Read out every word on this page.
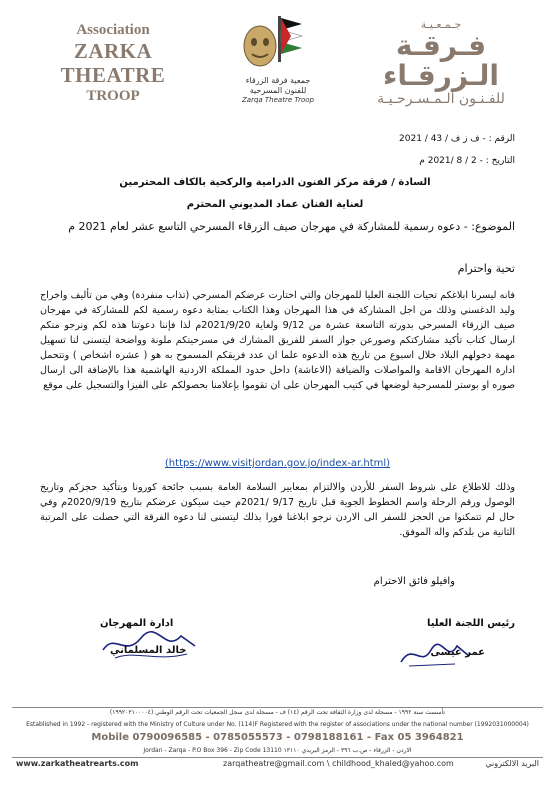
Association
ZARKA THEATRE
TROOP
جمعية فرقة الزرقاء
للفنون المسرحية
Zarqa Theatre Troop
جـمـعـيـة
فـرقـة الـزرقـاء
للفـنـون الـمـسـرحـيـة
الرقم : - ف ز ف / 43 / 2021
التاريخ : - 2 / 8 /2021 م
السادة / فرقة مركز الفنون الدرامية والركحية بالكاف المحترمين
لعناية الفنان عماد المديوني المحترم
الموضوع: - دعوه رسمية للمشاركة في مهرجان صيف الزرقاء المسرحي التاسع عشر لعام 2021 م
تحية واحترام
فانه ليسرنا ابلاغكم تحيات اللجنة العليا للمهرجان والتي اختارت عرضكم المسرحي (تذاب منفردة) وهي من تأليف واخراج وليد الدغسني وذلك من اجل المشاركة في هذا المهرجان وهذا الكتاب بمثابة دعوه رسمية لكم للمشاركة في مهرجان صيف الزرقاء المسرحي بدورته التاسعة عشرة من 9/12 ولغاية 2021/9/20م لذا فإننا دعوتنا هذه لكم ونرجو منكم ارسال كتاب تأكيد مشاركتكم وصورعن جواز السفر للفريق المشارك في مسرحيتكم ملونة وواضحة ليتسنى لنا تسهيل مهمة دخولهم البلاد خلال اسبوع من تاريخ هذه الدعوه علما ان عدد فريقكم المسموح به هو ( عشره اشخاص ) وتتحمل ادارة المهرجان الاقامة والمواصلات والضيافة (الاعاشة) داخل حدود المملكة الاردنية الهاشمية هذا بالإضافة الى ارسال صوره او بوستر للمسرحية لوضعها في كتيب المهرجان على ان تقوموا بإعلامنا بحصولكم على الفيزا والتسجيل على موقع
(https://www.visitjordan.gov.jo/index-ar.html)
وذلك للاطلاع على شروط السفر للأردن والالتزام بمعايير السلامة العامة بسبب جائحة كورونا وبتأكيد حجزكم وتاريخ الوصول ورقم الرحلة واسم الخطوط الجوية قبل تاريخ 9/17 /2021م حيث سيكون عرضكم بتاريخ 2020/9/19م وفي حال لم تتمكنوا من الحجز للسفر الى الاردن نرجو ابلاغنا فورا بذلك ليتسنى لنا دعوه الفرقة التي حصلت على المرتبة الثانية من بلدكم واله الموفق.
وافيلو فائق الاحترام
رئيس اللجنة العليا
ادارة المهرجان
عمر عيسى
خالد المسلماني
تأسست سنة ١٩٩٢ - مسجلة لدى وزارة الثقافة تحت الرقم (١٤) ف - مسجلة لدى سجل الجمعيات تحت الرقم الوطني (١٩٩٢٠٣١٠٠٠٠٤)
Established in 1992 - registered with the Ministry of Culture under No. (114)F Registered with the register of associations under the national number (1992031000004)
Mobile 0790096585 - 0785055573 - 0798188161 - Fax 05 3964821
Jordan - Zarqa - P.O Box 396 - Zip Code 13110 الاردن - الزرقاء - ص.ب ٣٩٦ - الرمز البريدي ١٣١١٠
www.zarkatheatrearts.com	zarqatheatre@gmail.com \ childhood_khaled@yahoo.com	البريد الالكتروني
